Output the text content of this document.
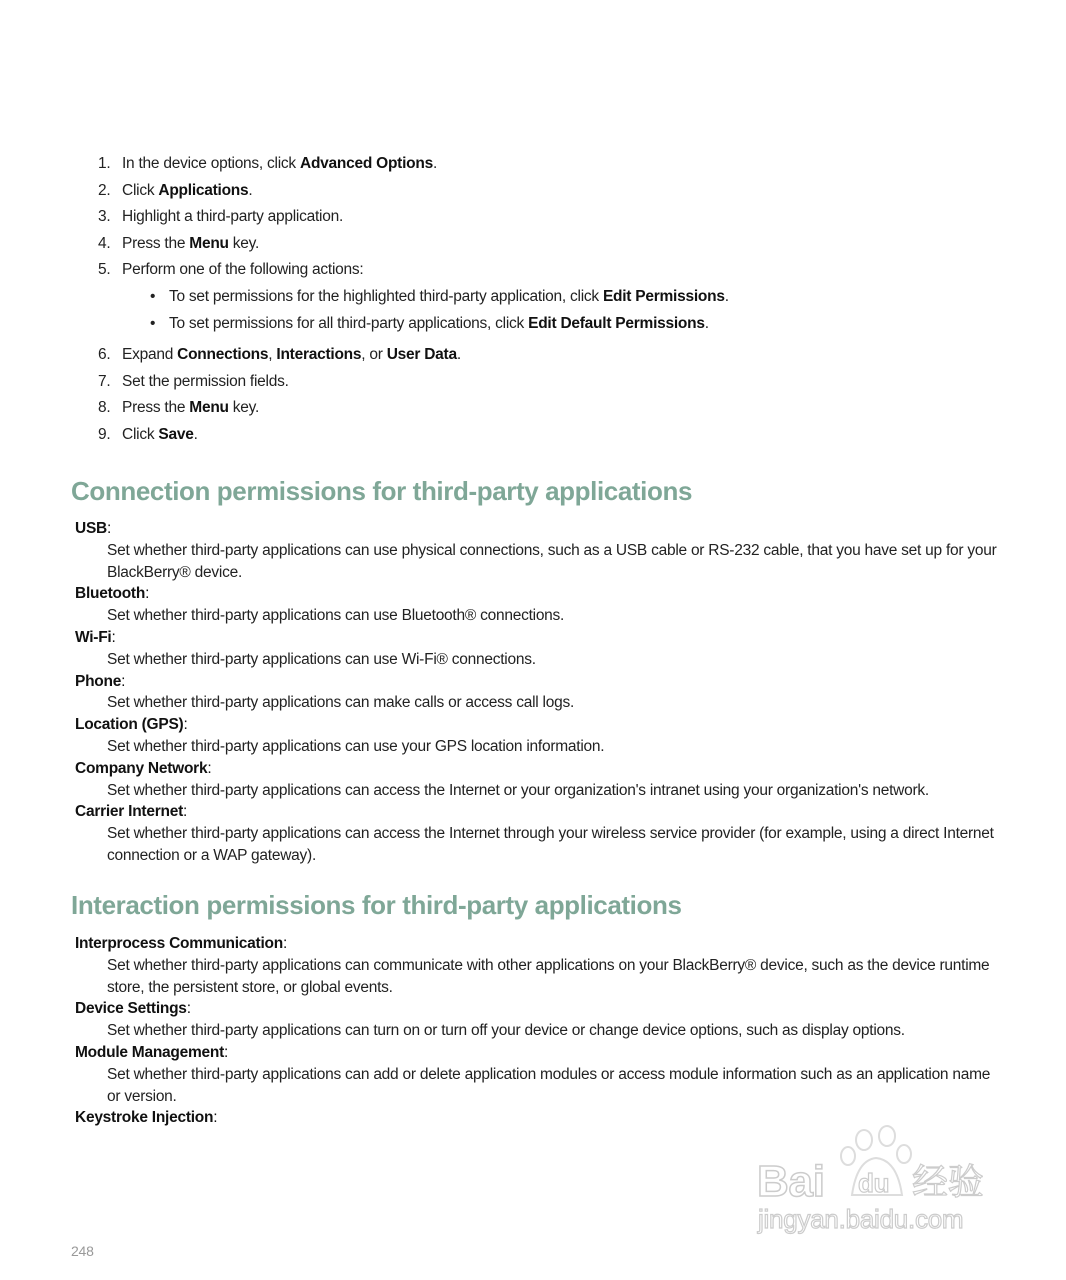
1. In the device options, click Advanced Options.
2. Click Applications.
3. Highlight a third-party application.
4. Press the Menu key.
5. Perform one of the following actions:
• To set permissions for the highlighted third-party application, click Edit Permissions.
• To set permissions for all third-party applications, click Edit Default Permissions.
6. Expand Connections, Interactions, or User Data.
7. Set the permission fields.
8. Press the Menu key.
9. Click Save.
Connection permissions for third-party applications
USB:
Set whether third-party applications can use physical connections, such as a USB cable or RS-232 cable, that you have set up for your BlackBerry® device.
Bluetooth:
Set whether third-party applications can use Bluetooth® connections.
Wi-Fi:
Set whether third-party applications can use Wi-Fi® connections.
Phone:
Set whether third-party applications can make calls or access call logs.
Location (GPS):
Set whether third-party applications can use your GPS location information.
Company Network:
Set whether third-party applications can access the Internet or your organization's intranet using your organization's network.
Carrier Internet:
Set whether third-party applications can access the Internet through your wireless service provider (for example, using a direct Internet connection or a WAP gateway).
Interaction permissions for third-party applications
Interprocess Communication:
Set whether third-party applications can communicate with other applications on your BlackBerry® device, such as the device runtime store, the persistent store, or global events.
Device Settings:
Set whether third-party applications can turn on or turn off your device or change device options, such as display options.
Module Management:
Set whether third-party applications can add or delete application modules or access module information such as an application name or version.
Keystroke Injection:
Bai du 经验
jingyan.baidu.com
248
